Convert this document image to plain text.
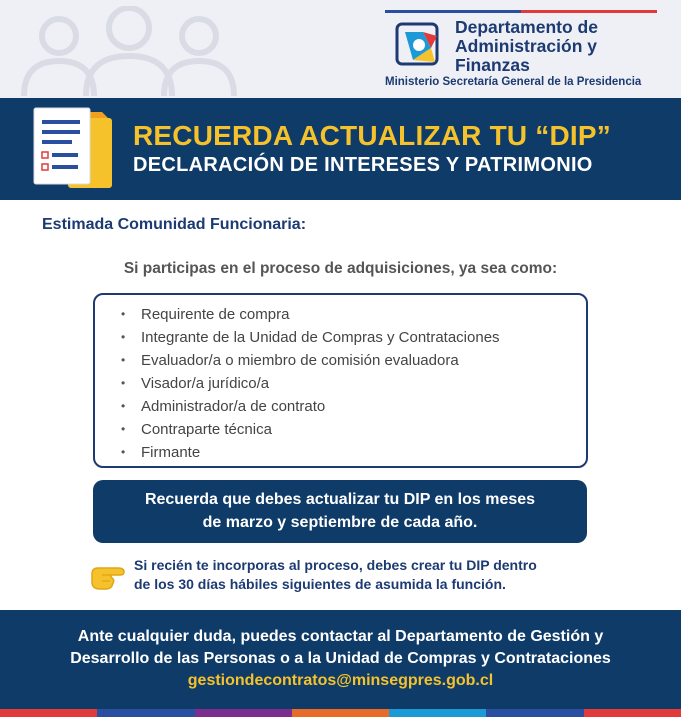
Departamento de
Administración y
Finanzas
Ministerio Secretaría General de la Presidencia
RECUERDA ACTUALIZAR TU “DIP”
DECLARACIÓN DE INTERESES Y PATRIMONIO
Estimada Comunidad Funcionaria:
Si participas en el proceso de adquisiciones, ya sea como:
• Requirente de compra
• Integrante de la Unidad de Compras y Contrataciones
• Evaluador/a o miembro de comisión evaluadora
• Visador/a jurídico/a
• Administrador/a de contrato
• Contraparte técnica
• Firmante
Recuerda que debes actualizar tu DIP en los meses
de marzo y septiembre de cada año.
Si recién te incorporas al proceso, debes crear tu DIP dentro
de los 30 días hábiles siguientes de asumida la función.
Ante cualquier duda, puedes contactar al Departamento de Gestión y
Desarrollo de las Personas o a la Unidad de Compras y Contrataciones
gestiondecontratos@minsegpres.gob.cl
